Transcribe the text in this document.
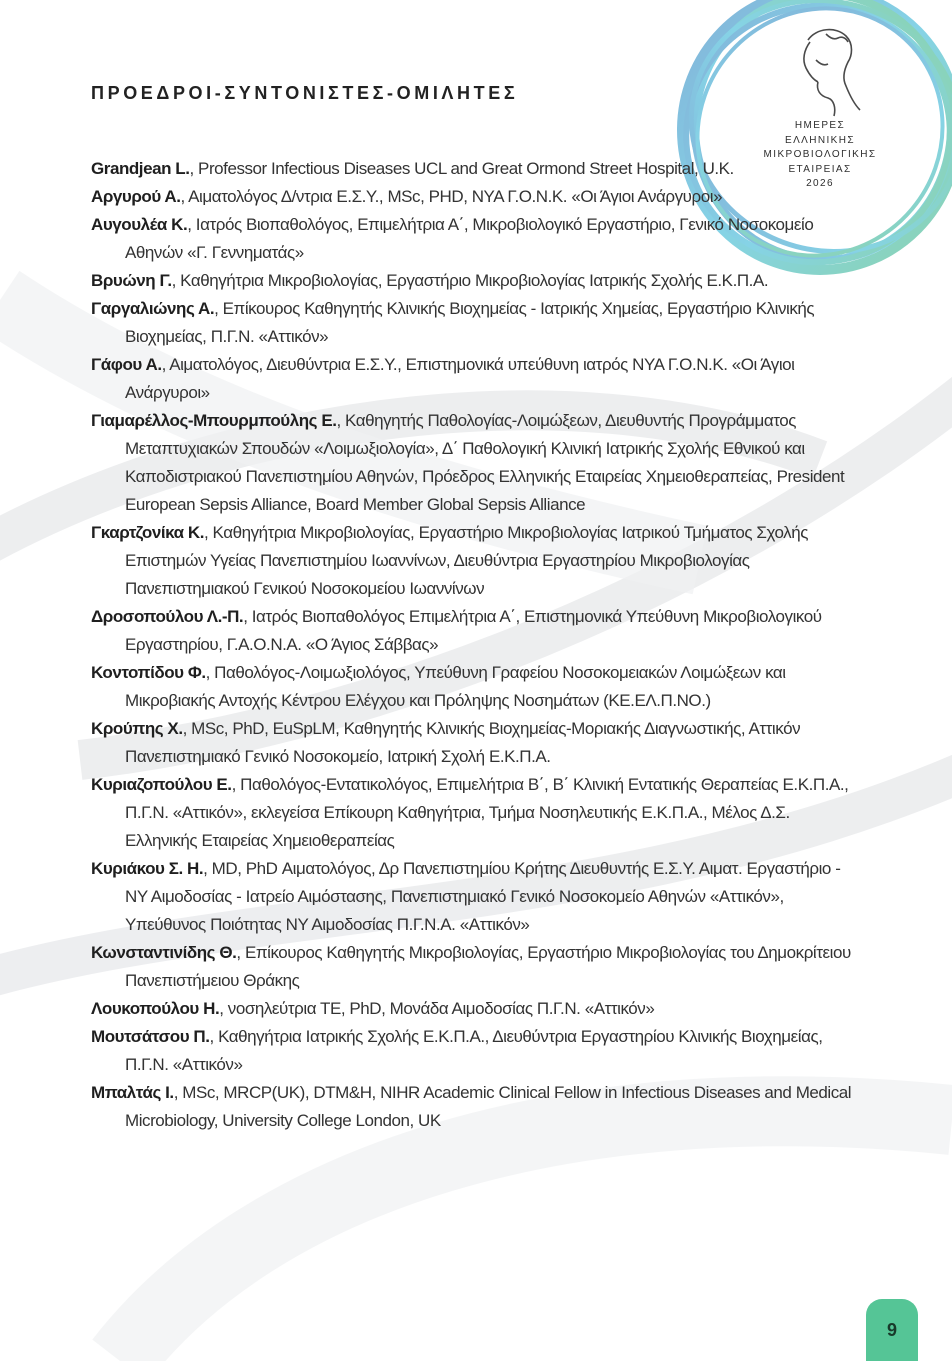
ΗΜΕΡΕΣ
ΕΛΛΗΝΙΚΗΣ
ΜΙΚΡΟΒΙΟΛΟΓΙΚΗΣ
ΕΤΑΙΡΕΙΑΣ
2026
ΠΡΟΕΔΡΟΙ-ΣΥΝΤΟΝΙΣΤΕΣ-ΟΜΙΛΗΤΕΣ

Grandjean L., Professor Infectious Diseases UCL and Great Ormond Street Hospital, U.K.

Αργυρού Α., Αιματολόγος Δ/ντρια Ε.Σ.Υ., MSc, PHD, ΝΥΑ Γ.Ο.Ν.Κ. «Οι Άγιοι Ανάργυροι»

Αυγουλέα Κ., Ιατρός Βιοπαθολόγος, Επιμελήτρια Α΄, Μικροβιολογικό Εργαστήριο, Γενικό Νοσοκομείο Αθηνών «Γ. Γεννηματάς»

Βρυώνη Γ., Καθηγήτρια Μικροβιολογίας, Εργαστήριο Μικροβιολογίας Ιατρικής Σχολής Ε.Κ.Π.Α.

Γαργαλιώνης Α., Επίκουρος Καθηγητής Κλινικής Βιοχημείας - Ιατρικής Χημείας, Εργαστήριο Κλινικής Βιοχημείας, Π.Γ.Ν. «Αττικόν»

Γάφου Α., Αιματολόγος, Διευθύντρια Ε.Σ.Υ., Επιστημονικά υπεύθυνη ιατρός ΝΥΑ Γ.Ο.Ν.Κ. «Οι Άγιοι Ανάργυροι»

Γιαμαρέλλος-Μπουρμπούλης Ε., Καθηγητής Παθολογίας-Λοιμώξεων, Διευθυντής Προγράμματος Μεταπτυχιακών Σπουδών «Λοιμωξιολογία», Δ΄ Παθολογική Κλινική Ιατρικής Σχολής Εθνικού και Καποδιστριακού Πανεπιστημίου Αθηνών, Πρόεδρος Ελληνικής Εταιρείας Χημειοθεραπείας, President European Sepsis Alliance, Board Member Global Sepsis Alliance

Γκαρτζονίκα Κ., Καθηγήτρια Μικροβιολογίας, Εργαστήριο Μικροβιολογίας Ιατρικού Τμήματος Σχολής Επιστημών Υγείας Πανεπιστημίου Ιωαννίνων, Διευθύντρια Εργαστηρίου Μικροβιολογίας Πανεπιστημιακού Γενικού Νοσοκομείου Ιωαννίνων

Δροσοπούλου Λ.-Π., Ιατρός Βιοπαθολόγος Επιμελήτρια Α΄, Επιστημονικά Υπεύθυνη Μικροβιολογικού Εργαστηρίου, Γ.Α.Ο.Ν.Α. «Ο Άγιος Σάββας»

Κοντοπίδου Φ., Παθολόγος-Λοιμωξιολόγος, Υπεύθυνη Γραφείου Νοσοκομειακών Λοιμώξεων και Μικροβιακής Αντοχής Κέντρου Ελέγχου και Πρόληψης Νοσημάτων (ΚΕ.ΕΛ.Π.ΝΟ.)

Κρούπης Χ., MSc, PhD, EuSpLM, Καθηγητής Κλινικής Βιοχημείας-Μοριακής Διαγνωστικής, Αττικόν Πανεπιστημιακό Γενικό Νοσοκομείο, Ιατρική Σχολή Ε.Κ.Π.Α.

Κυριαζοπούλου Ε., Παθολόγος-Εντατικολόγος, Επιμελήτρια Β΄, Β΄ Κλινική Εντατικής Θεραπείας Ε.Κ.Π.Α., Π.Γ.Ν. «Αττικόν», εκλεγείσα Επίκουρη Καθηγήτρια, Τμήμα Νοσηλευτικής Ε.Κ.Π.Α., Μέλος Δ.Σ. Ελληνικής Εταιρείας Χημειοθεραπείας

Κυριάκου Σ. Η., MD, PhD Αιματολόγος, Δρ Πανεπιστημίου Κρήτης Διευθυντής Ε.Σ.Υ. Αιματ. Εργαστήριο - ΝΥ Αιμοδοσίας - Ιατρείο Αιμόστασης, Πανεπιστημιακό Γενικό Νοσοκομείο Αθηνών «Αττικόν», Υπεύθυνος Ποιότητας ΝΥ Αιμοδοσίας Π.Γ.Ν.Α. «Αττικόν»

Κωνσταντινίδης Θ., Επίκουρος Καθηγητής Μικροβιολογίας, Εργαστήριο Μικροβιολογίας του Δημοκρίτειου Πανεπιστήμειου Θράκης

Λουκοπούλου Η., νοσηλεύτρια ΤΕ, PhD, Μονάδα Αιμοδοσίας Π.Γ.Ν. «Αττικόν»

Μουτσάτσου Π., Καθηγήτρια Ιατρικής Σχολής Ε.Κ.Π.Α., Διευθύντρια Εργαστηρίου Κλινικής Βιοχημείας, Π.Γ.Ν. «Αττικόν»

Μπαλτάς Ι., MSc, MRCP(UK), DTM&H, NIHR Academic Clinical Fellow in Infectious Diseases and Medical Microbiology, University College London, UK

9
